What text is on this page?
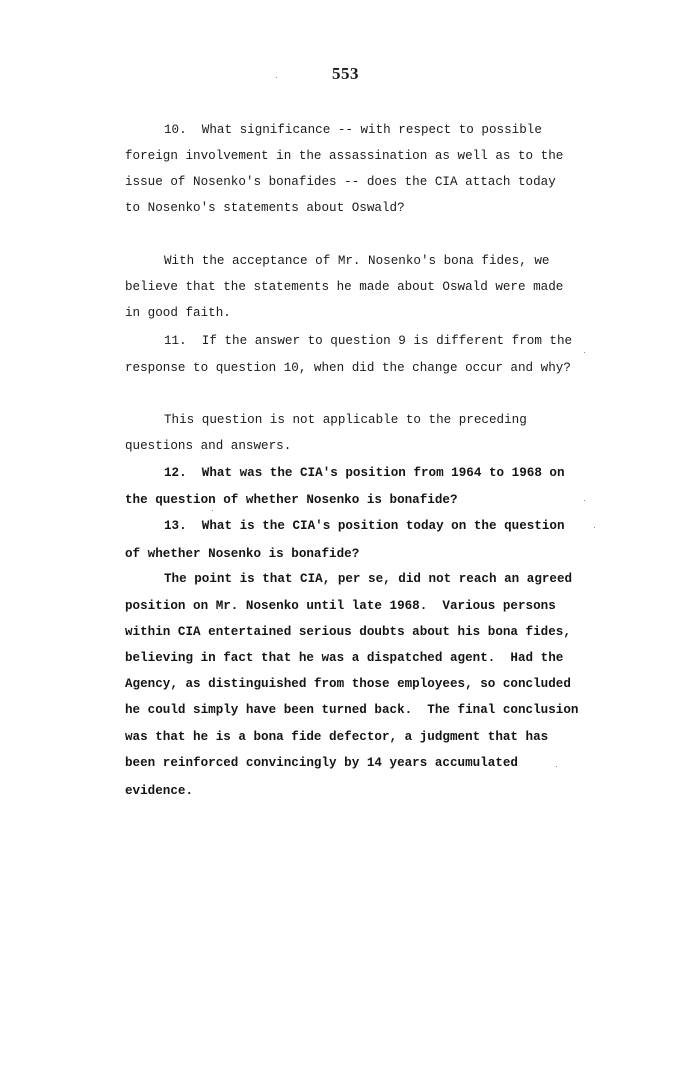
553
10.  What significance -- with respect to possible
foreign involvement in the assassination as well as to the
issue of Nosenko's bonafides -- does the CIA attach today
to Nosenko's statements about Oswald?
With the acceptance of Mr. Nosenko's bona fides, we
believe that the statements he made about Oswald were made
in good faith.
11.  If the answer to question 9 is different from the
response to question 10, when did the change occur and why?
This question is not applicable to the preceding
questions and answers.
12.  What was the CIA's position from 1964 to 1968 on
the question of whether Nosenko is bonafide?
13.  What is the CIA's position today on the question
of whether Nosenko is bonafide?
The point is that CIA, per se, did not reach an agreed
position on Mr. Nosenko until late 1968.  Various persons
within CIA entertained serious doubts about his bona fides,
believing in fact that he was a dispatched agent.  Had the
Agency, as distinguished from those employees, so concluded
he could simply have been turned back.  The final conclusion
was that he is a bona fide defector, a judgment that has
been reinforced convincingly by 14 years accumulated
evidence.
